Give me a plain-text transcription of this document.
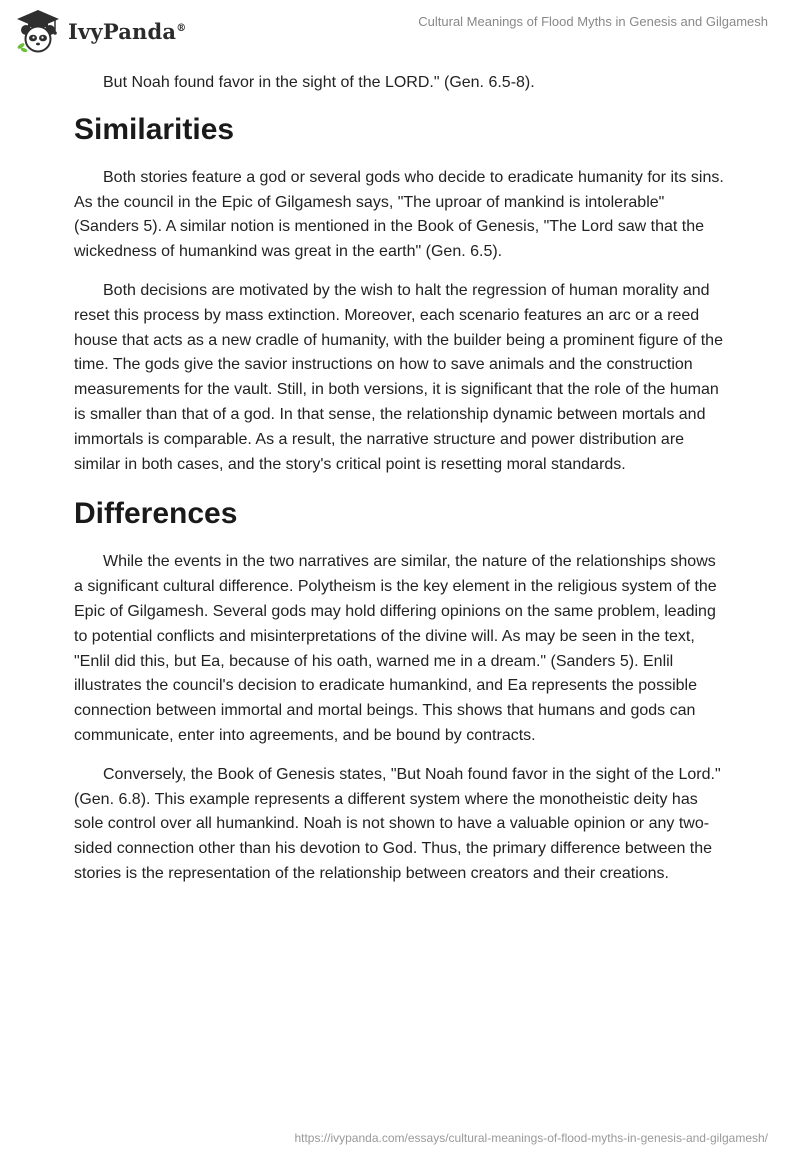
IvyPanda®	Cultural Meanings of Flood Myths in Genesis and Gilgamesh

But Noah found favor in the sight of the LORD." (Gen. 6.5-8).

Similarities

Both stories feature a god or several gods who decide to eradicate humanity for its sins. As the council in the Epic of Gilgamesh says, "The uproar of mankind is intolerable" (Sanders 5). A similar notion is mentioned in the Book of Genesis, "The Lord saw that the wickedness of humankind was great in the earth" (Gen. 6.5).

Both decisions are motivated by the wish to halt the regression of human morality and reset this process by mass extinction. Moreover, each scenario features an arc or a reed house that acts as a new cradle of humanity, with the builder being a prominent figure of the time. The gods give the savior instructions on how to save animals and the construction measurements for the vault. Still, in both versions, it is significant that the role of the human is smaller than that of a god. In that sense, the relationship dynamic between mortals and immortals is comparable. As a result, the narrative structure and power distribution are similar in both cases, and the story's critical point is resetting moral standards.

Differences

While the events in the two narratives are similar, the nature of the relationships shows a significant cultural difference. Polytheism is the key element in the religious system of the Epic of Gilgamesh. Several gods may hold differing opinions on the same problem, leading to potential conflicts and misinterpretations of the divine will. As may be seen in the text, "Enlil did this, but Ea, because of his oath, warned me in a dream." (Sanders 5). Enlil illustrates the council's decision to eradicate humankind, and Ea represents the possible connection between immortal and mortal beings. This shows that humans and gods can communicate, enter into agreements, and be bound by contracts.

Conversely, the Book of Genesis states, "But Noah found favor in the sight of the Lord." (Gen. 6.8). This example represents a different system where the monotheistic deity has sole control over all humankind. Noah is not shown to have a valuable opinion or any two-sided connection other than his devotion to God. Thus, the primary difference between the stories is the representation of the relationship between creators and their creations.

https://ivypanda.com/essays/cultural-meanings-of-flood-myths-in-genesis-and-gilgamesh/
